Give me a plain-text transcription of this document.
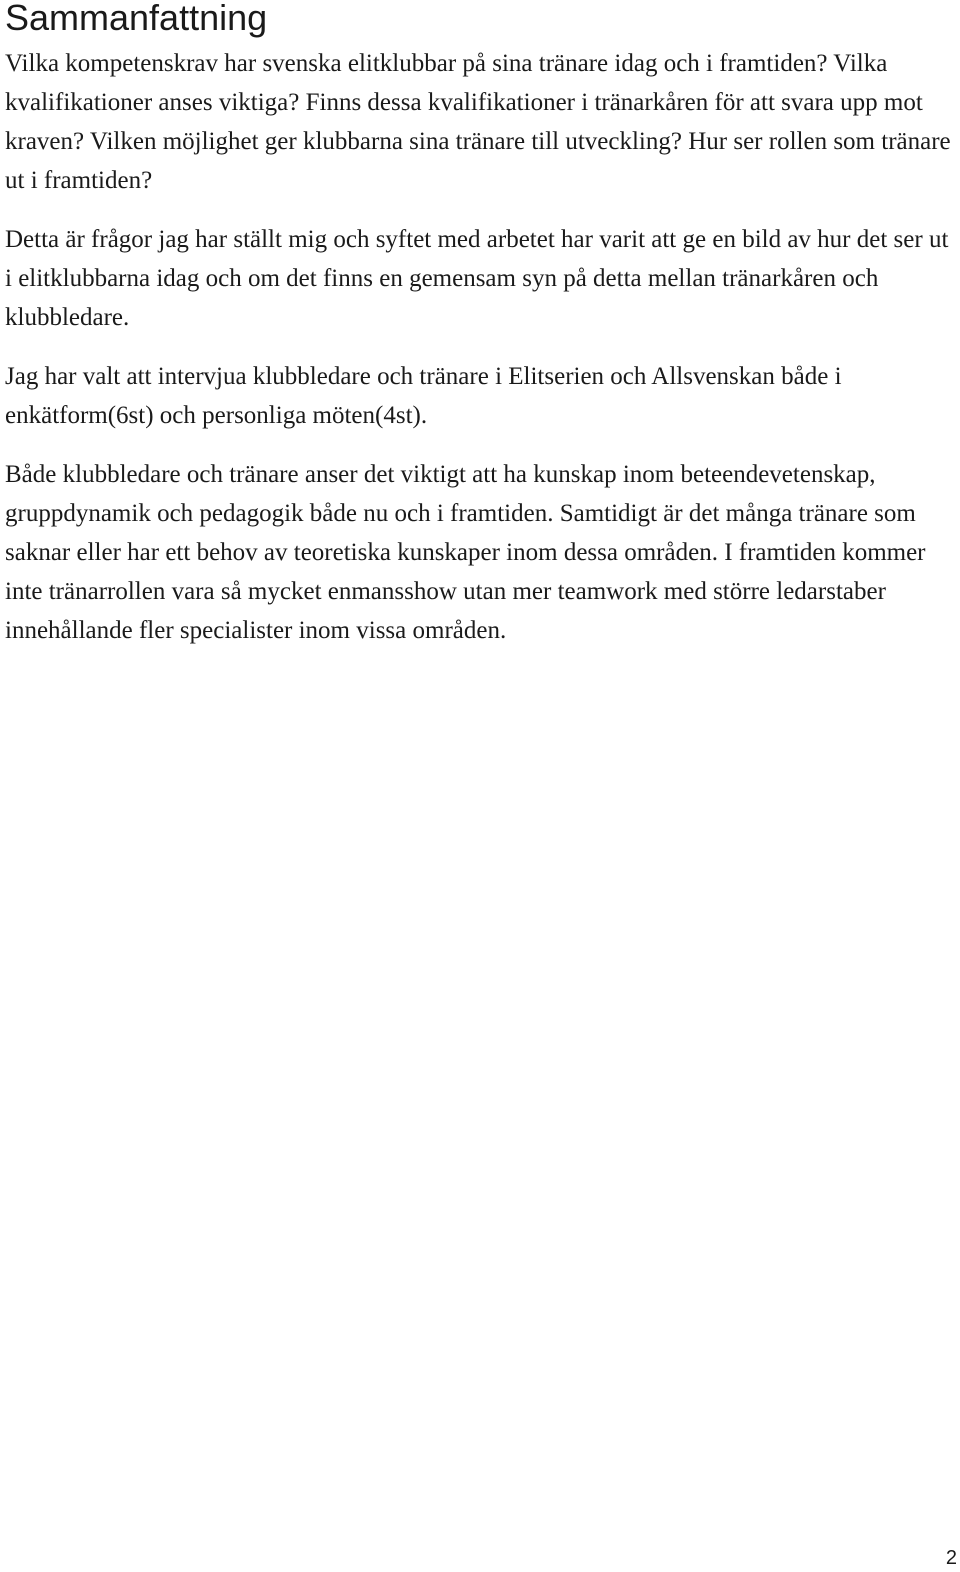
Sammanfattning

Vilka kompetenskrav har svenska elitklubbar på sina tränare idag och i framtiden? Vilka kvalifikationer anses viktiga? Finns dessa kvalifikationer i tränarkåren för att svara upp mot kraven? Vilken möjlighet ger klubbarna sina tränare till utveckling? Hur ser rollen som tränare ut i framtiden?

Detta är frågor jag har ställt mig och syftet med arbetet har varit att ge en bild av hur det ser ut i elitklubbarna idag och om det finns en gemensam syn på detta mellan tränarkåren och klubbledare.

Jag har valt att intervjua klubbledare och tränare i Elitserien och Allsvenskan både i enkätform(6st) och personliga möten(4st).

Både klubbledare och tränare anser det viktigt att ha kunskap inom beteendevetenskap, gruppdynamik och pedagogik både nu och i framtiden. Samtidigt är det många tränare som saknar eller har ett behov av teoretiska kunskaper inom dessa områden. I framtiden kommer inte tränarrollen vara så mycket enmansshow utan mer teamwork med större ledarstaber innehållande fler specialister inom vissa områden.

2
